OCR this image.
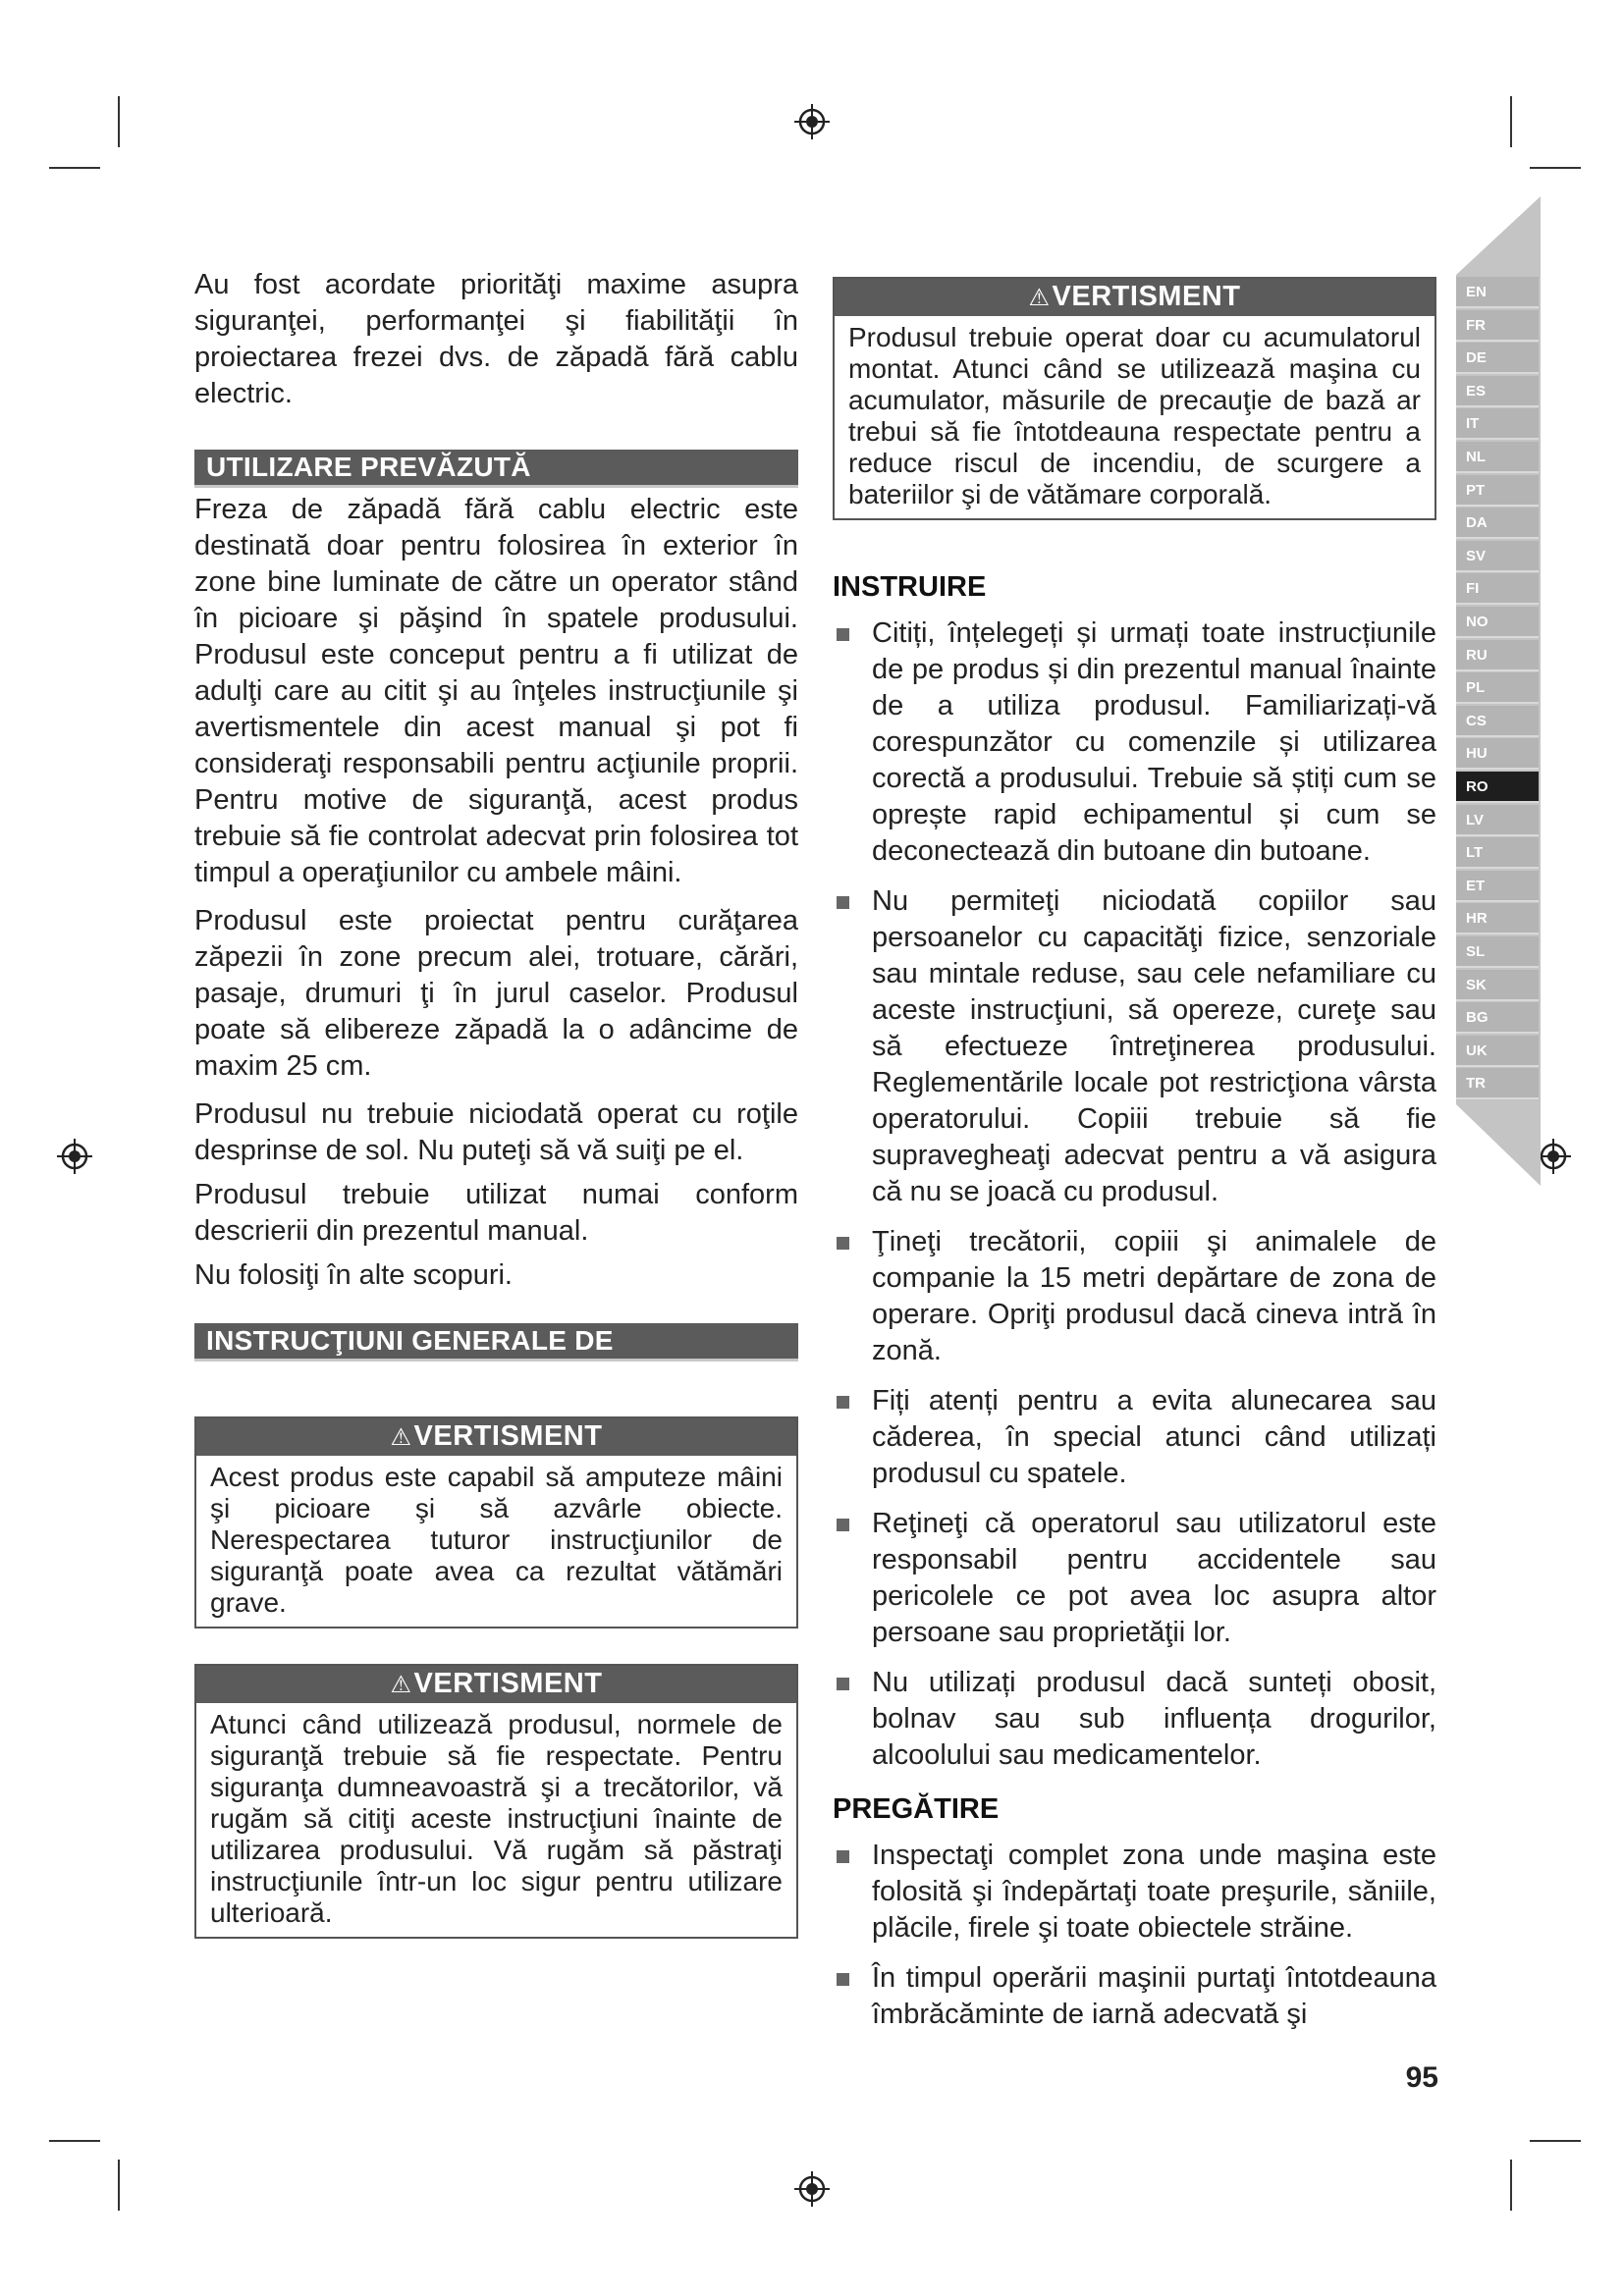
EN
FR
DE
ES
IT
NL
PT
DA
SV
FI
NO
RU
PL
CS
HU
RO
LV
LT
ET
HR
SL
SK
BG
UK
TR

Au fost acordate priorităţi maxime asupra siguranţei, performanţei şi fiabilităţii în proiectarea frezei dvs. de zăpadă fără cablu electric.

UTILIZARE PREVĂZUTĂ

Freza de zăpadă fără cablu electric este destinată doar pentru folosirea în exterior în zone bine luminate de către un operator stând în picioare şi păşind în spatele produsului. Produsul este conceput pentru a fi utilizat de adulţi care au citit şi au înţeles instrucţiunile şi avertismentele din acest manual şi pot fi consideraţi responsabili pentru acţiunile proprii. Pentru motive de siguranţă, acest produs trebuie să fie controlat adecvat prin folosirea tot timpul a operaţiunilor cu ambele mâini.

Produsul este proiectat pentru curăţarea zăpezii în zone precum alei, trotuare, cărări, pasaje, drumuri ţi în jurul caselor. Produsul poate să elibereze zăpadă la o adâncime de maxim 25 cm.

Produsul nu trebuie niciodată operat cu roţile desprinse de sol. Nu puteţi să vă suiţi pe el.

Produsul trebuie utilizat numai conform descrierii din prezentul manual.

Nu folosiţi în alte scopuri.

INSTRUCŢIUNI GENERALE DE
⚠VERTISMENT
Acest produs este capabil să amputeze mâini şi picioare şi să azvârle obiecte. Nerespectarea tuturor instrucţiunilor de siguranţă poate avea ca rezultat vătămări grave.
⚠VERTISMENT
Atunci când utilizează produsul, normele de siguranţă trebuie să fie respectate. Pentru siguranţa dumneavoastră şi a trecătorilor, vă rugăm să citiţi aceste instrucţiuni înainte de utilizarea produsului. Vă rugăm să păstraţi instrucţiunile într-un loc sigur pentru utilizare ulterioară.
⚠VERTISMENT
Produsul trebuie operat doar cu acumulatorul montat. Atunci când se utilizează maşina cu acumulator, măsurile de precauţie de bază ar trebui să fie întotdeauna respectate pentru a reduce riscul de incendiu, de scurgere a bateriilor şi de vătămare corporală.
INSTRUIRE
Citiți, înțelegeți și urmați toate instrucțiunile de pe produs și din prezentul manual înainte de a utiliza produsul. Familiarizați-vă corespunzător cu comenzile și utilizarea corectă a produsului. Trebuie să știți cum se oprește rapid echipamentul și cum se deconectează din butoane din butoane.
Nu permiteţi niciodată copiilor sau persoanelor cu capacităţi fizice, senzoriale sau mintale reduse, sau cele nefamiliare cu aceste instrucţiuni, să opereze, cureţe sau să efectueze întreţinerea produsului. Reglementările locale pot restricţiona vârsta operatorului. Copiii trebuie să fie supravegheaţi adecvat pentru a vă asigura că nu se joacă cu produsul.
Ţineţi trecătorii, copiii şi animalele de companie la 15 metri depărtare de zona de operare. Opriţi produsul dacă cineva intră în zonă.
Fiți atenți pentru a evita alunecarea sau căderea, în special atunci când utilizați produsul cu spatele.
Reţineţi că operatorul sau utilizatorul este responsabil pentru accidentele sau pericolele ce pot avea loc asupra altor persoane sau proprietăţii lor.
Nu utilizați produsul dacă sunteți obosit, bolnav sau sub influența drogurilor, alcoolului sau medicamentelor.
PREGĂTIRE
Inspectaţi complet zona unde maşina este folosită şi îndepărtaţi toate preşurile, săniile, plăcile, firele şi toate obiectele străine.
În timpul operării maşinii purtaţi întotdeauna îmbrăcăminte de iarnă adecvată şi
95
